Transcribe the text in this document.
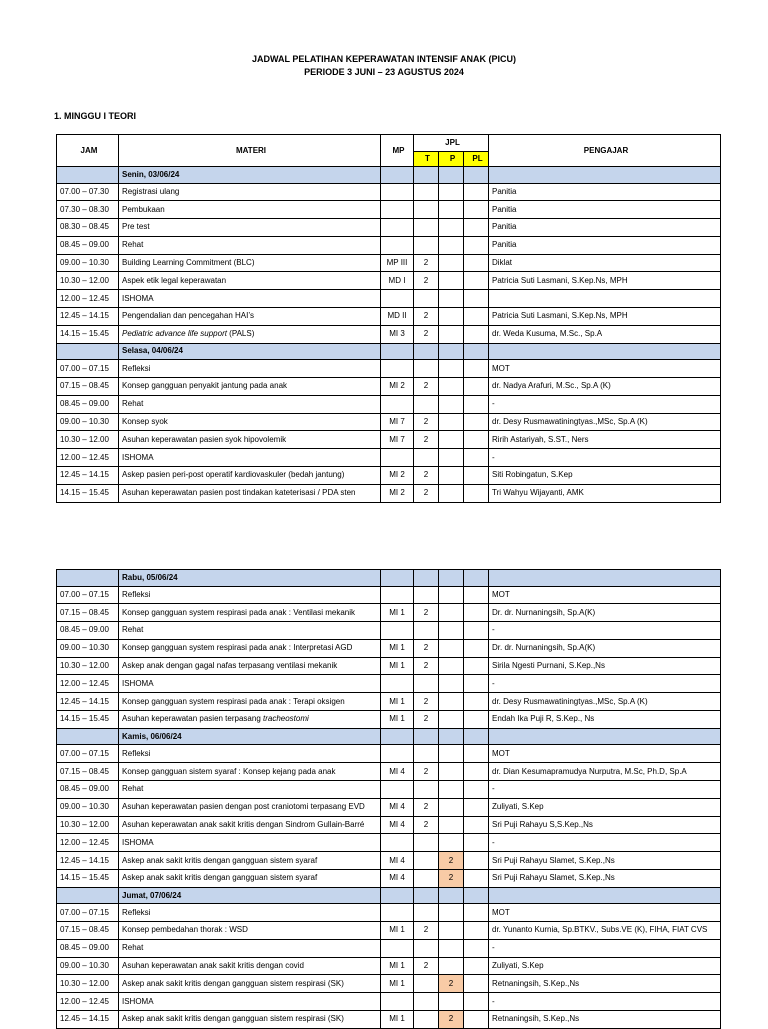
JADWAL PELATIHAN KEPERAWATAN INTENSIF ANAK (PICU)
PERIODE 3 JUNI – 23 AGUSTUS 2024
1. MINGGU I TEORI
JAM	MATERI	MP	JPL			PENGAJAR
			T	P	PL	
	Senin, 03/06/24					
07.00 – 07.30	Registrasi ulang					Panitia
07.30 – 08.30	Pembukaan					Panitia
08.30 – 08.45	Pre test					Panitia
08.45 – 09.00	Rehat					Panitia
09.00 – 10.30	Building Learning Commitment (BLC)	MP III	2			Diklat
10.30 – 12.00	Aspek etik legal keperawatan	MD I	2			Patricia Suti Lasmani, S.Kep.Ns, MPH
12.00 – 12.45	ISHOMA					
12.45 – 14.15	Pengendalian dan pencegahan HAI’s	MD II	2			Patricia Suti Lasmani, S.Kep.Ns, MPH
14.15 – 15.45	Pediatric advance life support (PALS)	MI 3	2			dr. Weda Kusuma, M.Sc., Sp.A
	Selasa, 04/06/24					
07.00 – 07.15	Refleksi					MOT
07.15 – 08.45	Konsep gangguan penyakit jantung pada anak	MI 2	2			dr. Nadya Arafuri, M.Sc., Sp.A (K)
08.45 – 09.00	Rehat					-
09.00 – 10.30	Konsep syok	MI 7	2			dr. Desy Rusmawatiningtyas.,MSc, Sp.A (K)
10.30 – 12.00	Asuhan keperawatan pasien syok hipovolemik	MI 7	2			Ririh Astariyah, S.ST., Ners
12.00 – 12.45	ISHOMA					-
12.45 – 14.15	Askep pasien peri-post operatif kardiovaskuler (bedah jantung)	MI 2	2			Siti Robingatun, S.Kep
14.15 – 15.45	Asuhan keperawatan pasien post tindakan kateterisasi / PDA sten	MI 2	2			Tri Wahyu Wijayanti, AMK
	Rabu, 05/06/24					
07.00 – 07.15	Refleksi					MOT
07.15 – 08.45	Konsep gangguan system respirasi pada anak : Ventilasi mekanik	MI 1	2			Dr. dr. Nurnaningsih, Sp.A(K)
08.45 – 09.00	Rehat					-
09.00 – 10.30	Konsep gangguan system respirasi pada anak : Interpretasi AGD	MI 1	2			Dr. dr. Nurnaningsih, Sp.A(K)
10.30 – 12.00	Askep anak dengan gagal nafas terpasang ventilasi mekanik	MI 1	2			Sirila Ngesti Purnani, S.Kep.,Ns
12.00 – 12.45	ISHOMA					-
12.45 – 14.15	Konsep gangguan system respirasi pada anak : Terapi oksigen	MI 1	2			dr. Desy Rusmawatiningtyas.,MSc, Sp.A (K)
14.15 – 15.45	Asuhan keperawatan pasien terpasang tracheostomi	MI 1	2			Endah Ika Puji R, S.Kep., Ns
	Kamis, 06/06/24					
07.00 – 07.15	Refleksi					MOT
07.15 – 08.45	Konsep gangguan sistem syaraf : Konsep kejang pada anak	MI 4	2			dr. Dian Kesumapramudya Nurputra, M.Sc, Ph.D, Sp.A
08.45 – 09.00	Rehat					-
09.00 – 10.30	Asuhan keperawatan pasien dengan post craniotomi terpasang EVD	MI 4	2			Zuliyati, S.Kep
10.30 – 12.00	Asuhan keperawatan anak sakit kritis dengan Sindrom Gullain-Barré	MI 4	2			Sri Puji Rahayu S,S.Kep.,Ns
12.00 – 12.45	ISHOMA					-
12.45 – 14.15	Askep anak sakit kritis dengan gangguan sistem syaraf	MI 4		2		Sri Puji Rahayu Slamet, S.Kep.,Ns
14.15 – 15.45	Askep anak sakit kritis dengan gangguan sistem syaraf	MI 4		2		Sri Puji Rahayu Slamet, S.Kep.,Ns
	Jumat, 07/06/24					
07.00 – 07.15	Refleksi					MOT
07.15 – 08.45	Konsep pembedahan thorak : WSD	MI 1	2			dr. Yunanto Kurnia, Sp.BTKV., Subs.VE (K), FIHA, FIAT CVS
08.45 – 09.00	Rehat					-
09.00 – 10.30	Asuhan keperawatan anak sakit kritis dengan covid	MI 1	2			Zuliyati, S.Kep
10.30 – 12.00	Askep anak sakit kritis dengan gangguan sistem respirasi (SK)	MI 1		2		Retnaningsih, S.Kep.,Ns
12.00 – 12.45	ISHOMA					-
12.45 – 14.15	Askep anak sakit kritis dengan gangguan sistem respirasi (SK)	MI 1		2		Retnaningsih, S.Kep.,Ns
